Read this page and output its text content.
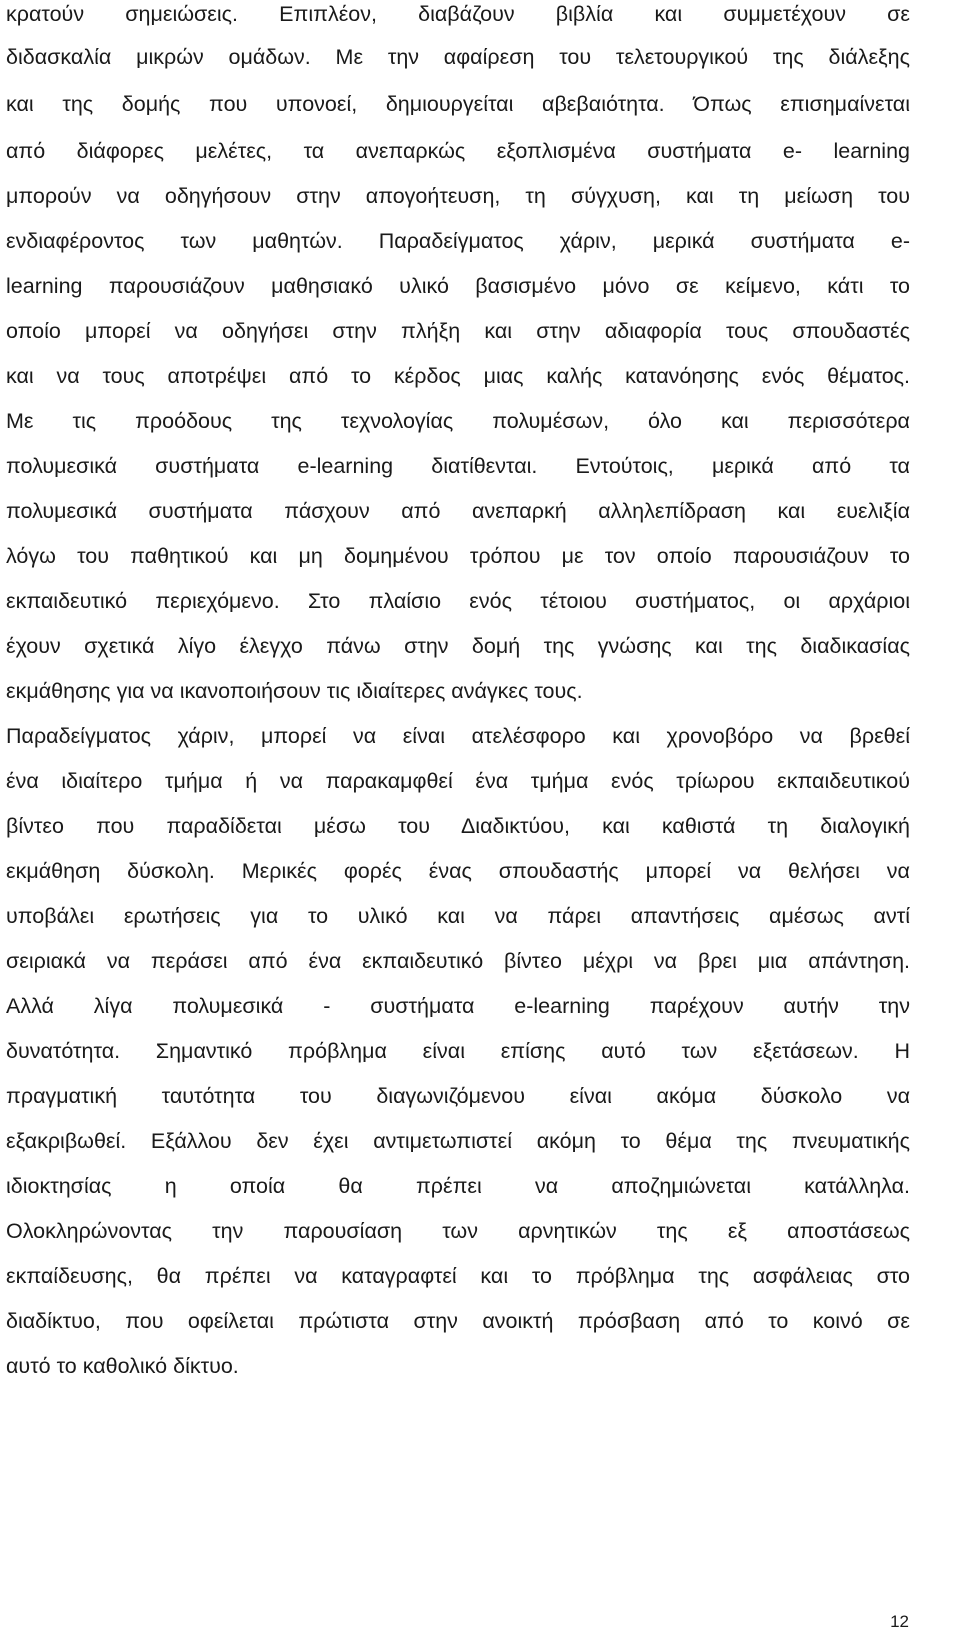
κρατούν σημειώσεις. Επιπλέον, διαβάζουν βιβλία και συμμετέχουν σε
διδασκαλία μικρών ομάδων. Με την αφαίρεση του τελετουργικού της διάλεξης
και της δομής που υπονοεί, δημιουργείται αβεβαιότητα. Όπως επισημαίνεται
από διάφορες μελέτες, τα ανεπαρκώς εξοπλισμένα συστήματα e- learning
μπορούν να οδηγήσουν στην απογοήτευση, τη σύγχυση, και τη μείωση του
ενδιαφέροντος των μαθητών. Παραδείγματος χάριν, μερικά συστήματα e-
learning παρουσιάζουν μαθησιακό υλικό βασισμένο μόνο σε κείμενο, κάτι το
οποίο μπορεί να οδηγήσει στην πλήξη και στην αδιαφορία τους σπουδαστές
και να τους αποτρέψει από το κέρδος μιας καλής κατανόησης ενός θέματος.
Με τις προόδους της τεχνολογίας πολυμέσων, όλο και περισσότερα
πολυμεσικά συστήματα e-learning διατίθενται. Εντούτοις, μερικά από τα
πολυμεσικά συστήματα πάσχουν από ανεπαρκή αλληλεπίδραση και ευελιξία
λόγω του παθητικού και μη δομημένου τρόπου με τον οποίο παρουσιάζουν το
εκπαιδευτικό περιεχόμενο. Στο πλαίσιο ενός τέτοιου συστήματος, οι αρχάριοι
έχουν σχετικά λίγο έλεγχο πάνω στην δομή της γνώσης και της διαδικασίας
εκμάθησης για να ικανοποιήσουν τις ιδιαίτερες ανάγκες τους.
Παραδείγματος χάριν, μπορεί να είναι ατελέσφορο και χρονοβόρο να βρεθεί
ένα ιδιαίτερο τμήμα ή να παρακαμφθεί ένα τμήμα ενός τρίωρου εκπαιδευτικού
βίντεο που παραδίδεται μέσω του Διαδικτύου, και καθιστά τη διαλογική
εκμάθηση δύσκολη. Μερικές φορές ένας σπουδαστής μπορεί να θελήσει να
υποβάλει ερωτήσεις για το υλικό και να πάρει απαντήσεις αμέσως αντί
σειριακά να περάσει από ένα εκπαιδευτικό βίντεο μέχρι να βρει μια απάντηση.
Αλλά λίγα πολυμεσικά - συστήματα e-learning παρέχουν αυτήν την
δυνατότητα. Σημαντικό πρόβλημα είναι επίσης αυτό των εξετάσεων. Η
πραγματική ταυτότητα του διαγωνιζόμενου είναι ακόμα δύσκολο να
εξακριβωθεί. Εξάλλου δεν έχει αντιμετωπιστεί ακόμη το θέμα της πνευματικής
ιδιοκτησίας η οποία θα πρέπει να αποζημιώνεται κατάλληλα.
Ολοκληρώνοντας την παρουσίαση των αρνητικών της εξ αποστάσεως
εκπαίδευσης, θα πρέπει να καταγραφτεί και το πρόβλημα της ασφάλειας στο
διαδίκτυο, που οφείλεται πρώτιστα στην ανοικτή πρόσβαση από το κοινό σε
αυτό το καθολικό δίκτυο.
12
